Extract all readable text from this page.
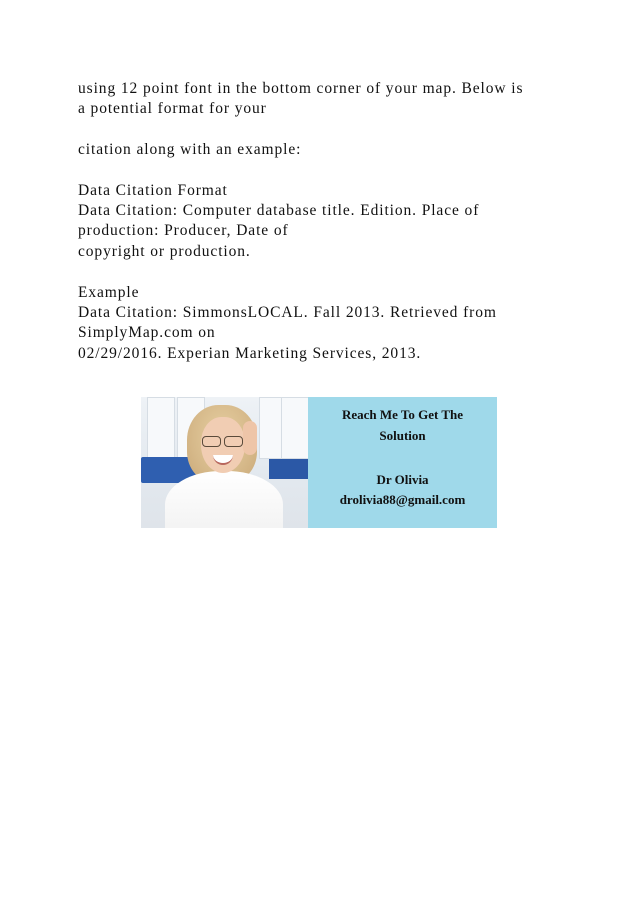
using 12 point font in the bottom corner of your map. Below is
a potential format for your
citation along with an example:
Data Citation Format
Data Citation: Computer database title. Edition. Place of
production: Producer, Date of
copyright or production.
Example
Data Citation: SimmonsLOCAL. Fall 2013. Retrieved from
SimplyMap.com on
02/29/2016. Experian Marketing Services, 2013.
Reach Me To Get The
Solution
Dr Olivia
drolivia88@gmail.com
